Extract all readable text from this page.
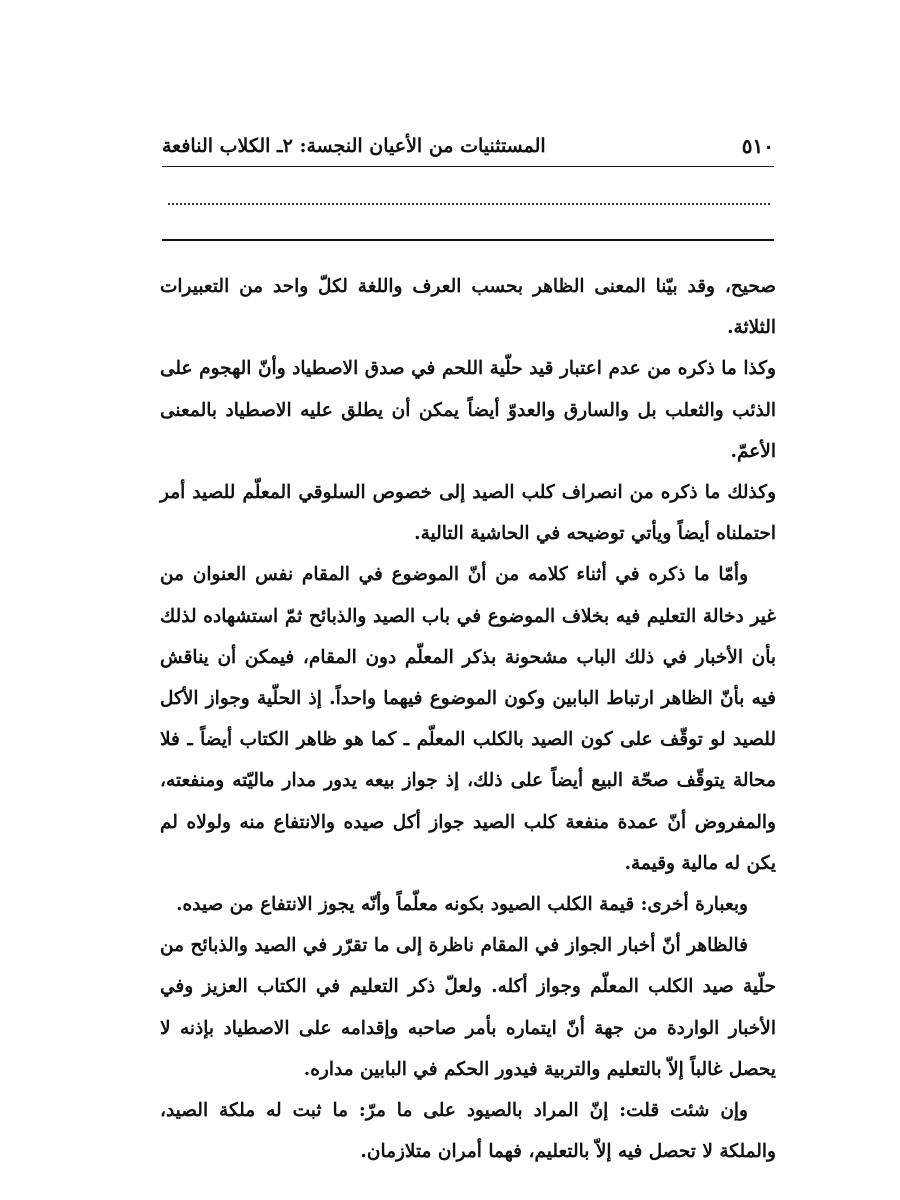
٥١٠
المستثنيات من الأعيان النجسة: ٢ـ الكلاب النافعة

صحيح، وقد بيّنا المعنى الظاهر بحسب العرف واللغة لكلّ واحد من التعبيرات الثلاثة.

وكذا ما ذكره من عدم اعتبار قيد حلّية اللحم في صدق الاصطياد وأنّ الهجوم على الذئب والثعلب بل والسارق والعدوّ أيضاً يمكن أن يطلق عليه الاصطياد بالمعنى الأعمّ.

وكذلك ما ذكره من انصراف كلب الصيد إلى خصوص السلوقي المعلّم للصيد أمر احتملناه أيضاً ويأتي توضيحه في الحاشية التالية.

وأمّا ما ذكره في أثناء كلامه من أنّ الموضوع في المقام نفس العنوان من غير دخالة التعليم فيه بخلاف الموضوع في باب الصيد والذبائح ثمّ استشهاده لذلك بأن الأخبار في ذلك الباب مشحونة بذكر المعلّم دون المقام، فيمكن أن يناقش فيه بأنّ الظاهر ارتباط البابين وكون الموضوع فيهما واحداً. إذ الحلّية وجواز الأكل للصيد لو توقّف على كون الصيد بالكلب المعلّم ـ كما هو ظاهر الكتاب أيضاً ـ فلا محالة يتوقّف صحّة البيع أيضاً على ذلك، إذ جواز بيعه يدور مدار ماليّته ومنفعته، والمفروض أنّ عمدة منفعة كلب الصيد جواز أكل صيده والانتفاع منه ولولاه لم يكن له مالية وقيمة.

وبعبارة أخرى: قيمة الكلب الصيود بكونه معلّماً وأنّه يجوز الانتفاع من صيده.

فالظاهر أنّ أخبار الجواز في المقام ناظرة إلى ما تقرّر في الصيد والذبائح من حلّية صيد الكلب المعلّم وجواز أكله. ولعلّ ذكر التعليم في الكتاب العزيز وفي الأخبار الواردة من جهة أنّ ايتماره بأمر صاحبه وإقدامه على الاصطياد بإذنه لا يحصل غالباً إلاّ بالتعليم والتربية فيدور الحكم في البابين مداره.

وإن شئت قلت: إنّ المراد بالصيود على ما مرّ: ما ثبت له ملكة الصيد، والملكة لا تحصل فيه إلاّ بالتعليم، فهما أمران متلازمان.
